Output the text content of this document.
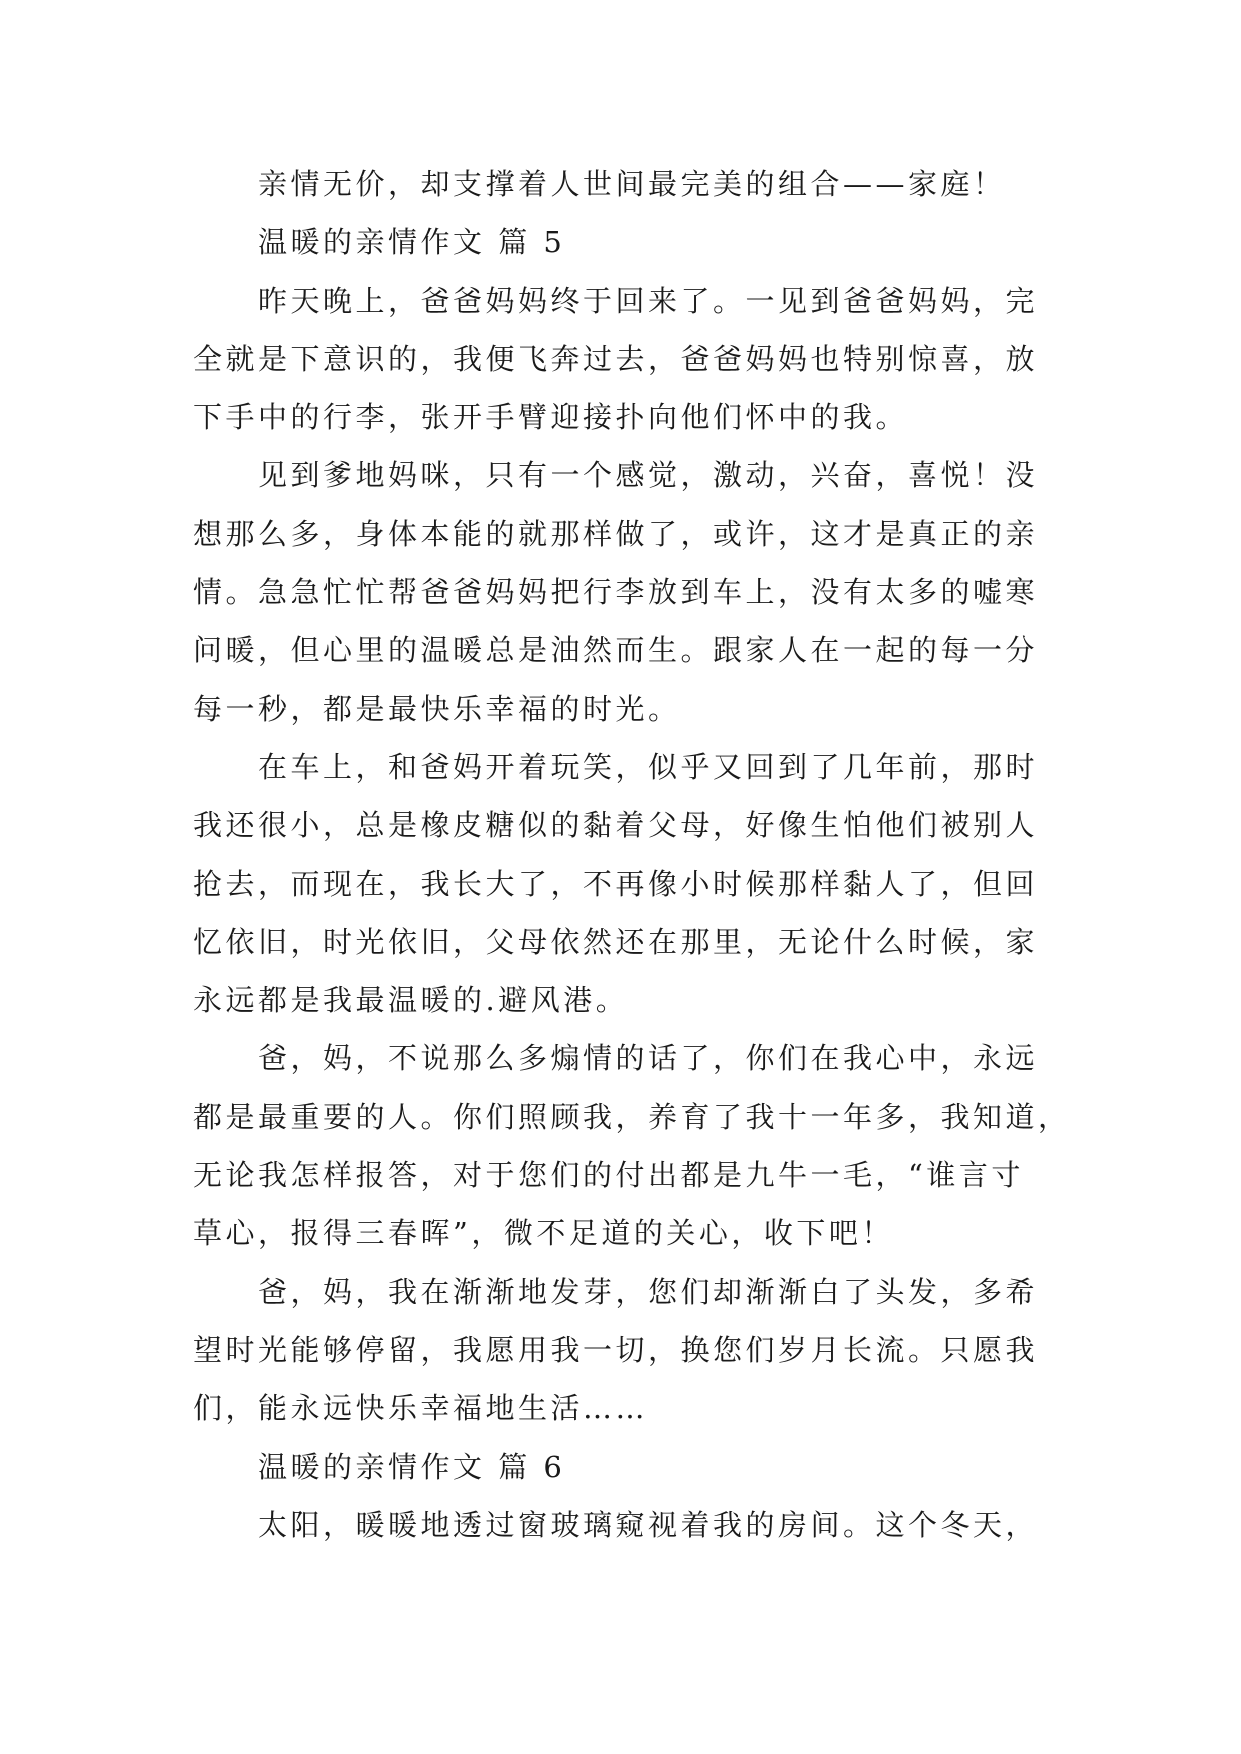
亲情无价，却支撑着人世间最完美的组合——家庭！
温暖的亲情作文 篇 5
昨天晚上，爸爸妈妈终于回来了。一见到爸爸妈妈，完
全就是下意识的，我便飞奔过去，爸爸妈妈也特别惊喜，放
下手中的行李，张开手臂迎接扑向他们怀中的我。
见到爹地妈咪，只有一个感觉，激动，兴奋，喜悦！没
想那么多，身体本能的就那样做了，或许，这才是真正的亲
情。急急忙忙帮爸爸妈妈把行李放到车上，没有太多的嘘寒
问暖，但心里的温暖总是油然而生。跟家人在一起的每一分
每一秒，都是最快乐幸福的时光。
在车上，和爸妈开着玩笑，似乎又回到了几年前，那时
我还很小，总是橡皮糖似的黏着父母，好像生怕他们被别人
抢去，而现在，我长大了，不再像小时候那样黏人了，但回
忆依旧，时光依旧，父母依然还在那里，无论什么时候，家
永远都是我最温暖的.避风港。
爸，妈，不说那么多煽情的话了，你们在我心中，永远
都是最重要的人。你们照顾我，养育了我十一年多，我知道，
无论我怎样报答，对于您们的付出都是九牛一毛，“谁言寸
草心，报得三春晖”，微不足道的关心，收下吧！
爸，妈，我在渐渐地发芽，您们却渐渐白了头发，多希
望时光能够停留，我愿用我一切，换您们岁月长流。只愿我
们，能永远快乐幸福地生活……
温暖的亲情作文 篇 6
太阳，暖暖地透过窗玻璃窥视着我的房间。这个冬天，
